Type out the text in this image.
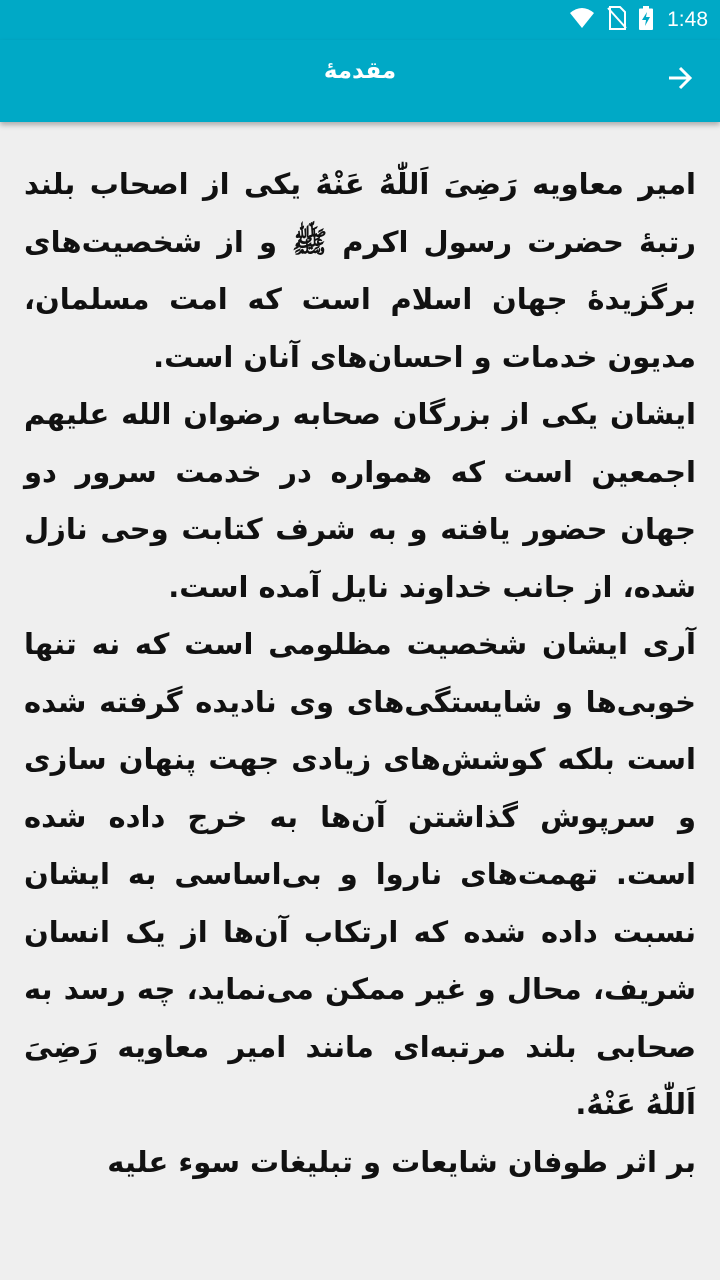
1:48
مقدمهٔ

امیر معاویه رَضِیَ اَللّٰهُ عَنْهُ یکی از اصحاب بلند رتبهٔ حضرت رسول اکرم ﷺ و از شخصیت‌های برگزیدهٔ جهان اسلام است که امت مسلمان، مدیون خدمات و احسان‌های آنان است.

ایشان یکی از بزرگان صحابه رضوان الله علیهم اجمعین است که همواره در خدمت سرور دو جهان حضور یافته و به شرف کتابت وحی نازل شده، از جانب خداوند نایل آمده است.

آری ایشان شخصیت مظلومی است که نه تنها خوبی‌ها و شایستگی‌های وی نادیده گرفته شده است بلکه کوشش‌های زیادی جهت پنهان سازی و سرپوش گذاشتن آن‌ها به خرج داده شده است. تهمت‌های ناروا و بی‌اساسی به ایشان نسبت داده شده که ارتکاب آن‌ها از یک انسان شریف، محال و غیر ممکن می‌نماید، چه رسد به صحابی بلند مرتبه‌ای مانند امیر معاویه رَضِیَ اَللّٰهُ عَنْهُ.

بر اثر طوفان شایعات و تبلیغات سوء علیه
